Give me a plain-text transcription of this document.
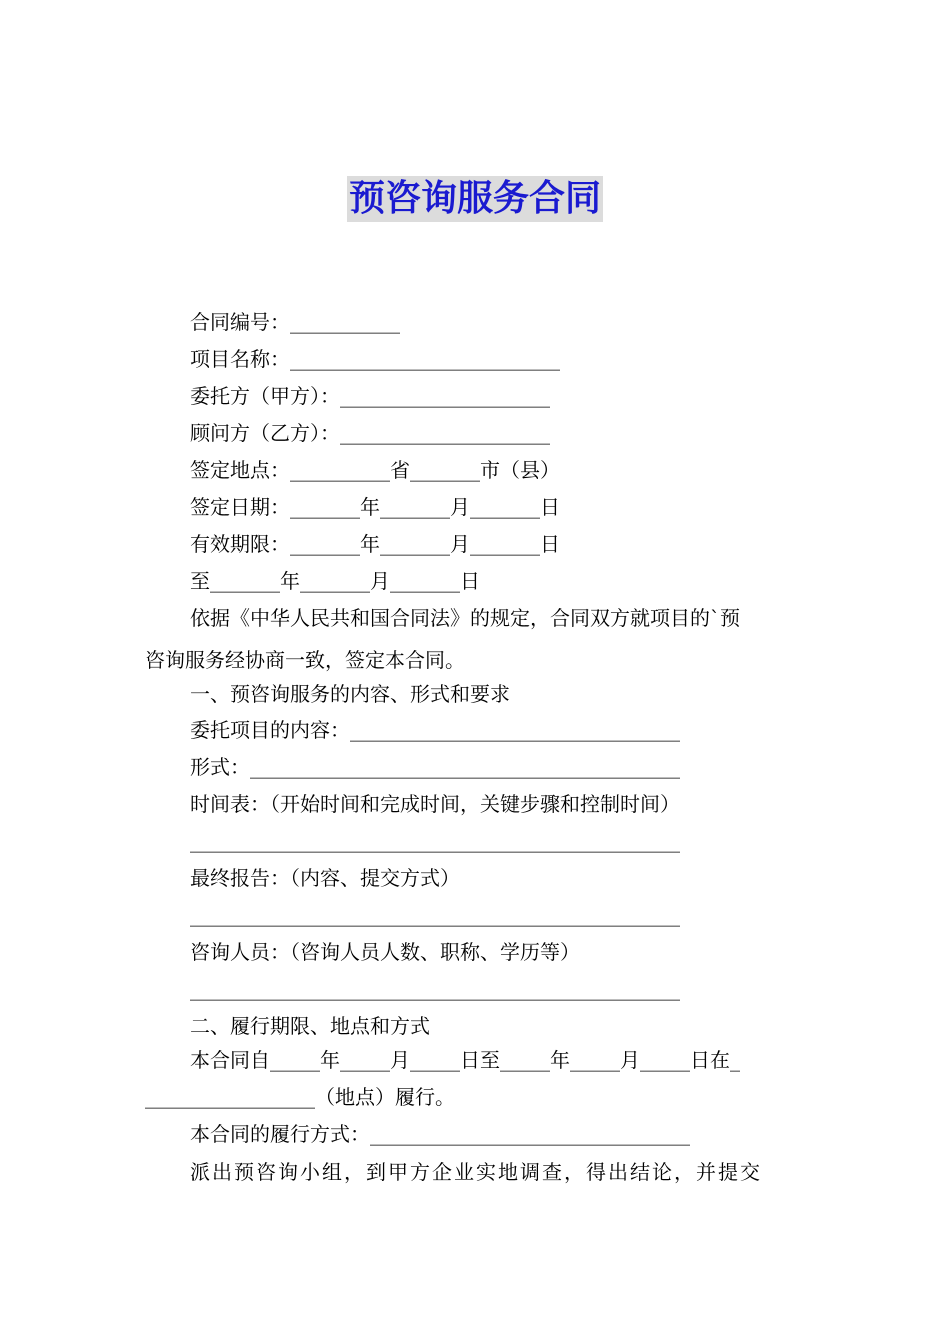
预咨询服务合同
合同编号：___________
项目名称：___________________________
委托方（甲方）：_____________________
顾问方（乙方）：_____________________
签定地点：__________省_______市（县）
签定日期：_______年_______月_______日
有效期限：_______年_______月_______日
至_______年_______月_______日
依据《中华人民共和国合同法》的规定，合同双方就项目的`预
咨询服务经协商一致，签定本合同。
一、预咨询服务的内容、形式和要求
委托项目的内容：_________________________________
形式：___________________________________________
时间表：（开始时间和完成时间，关键步骤和控制时间）
_________________________________________________
最终报告：（内容、提交方式）
_________________________________________________
咨询人员：（咨询人员人数、职称、学历等）
_________________________________________________
二、履行期限、地点和方式
本合同自_____年_____月_____日至_____年_____月_____日在_
_________________（地点）履行。
本合同的履行方式：________________________________
派出预咨询小组，到甲方企业实地调查，得出结论，并提交
